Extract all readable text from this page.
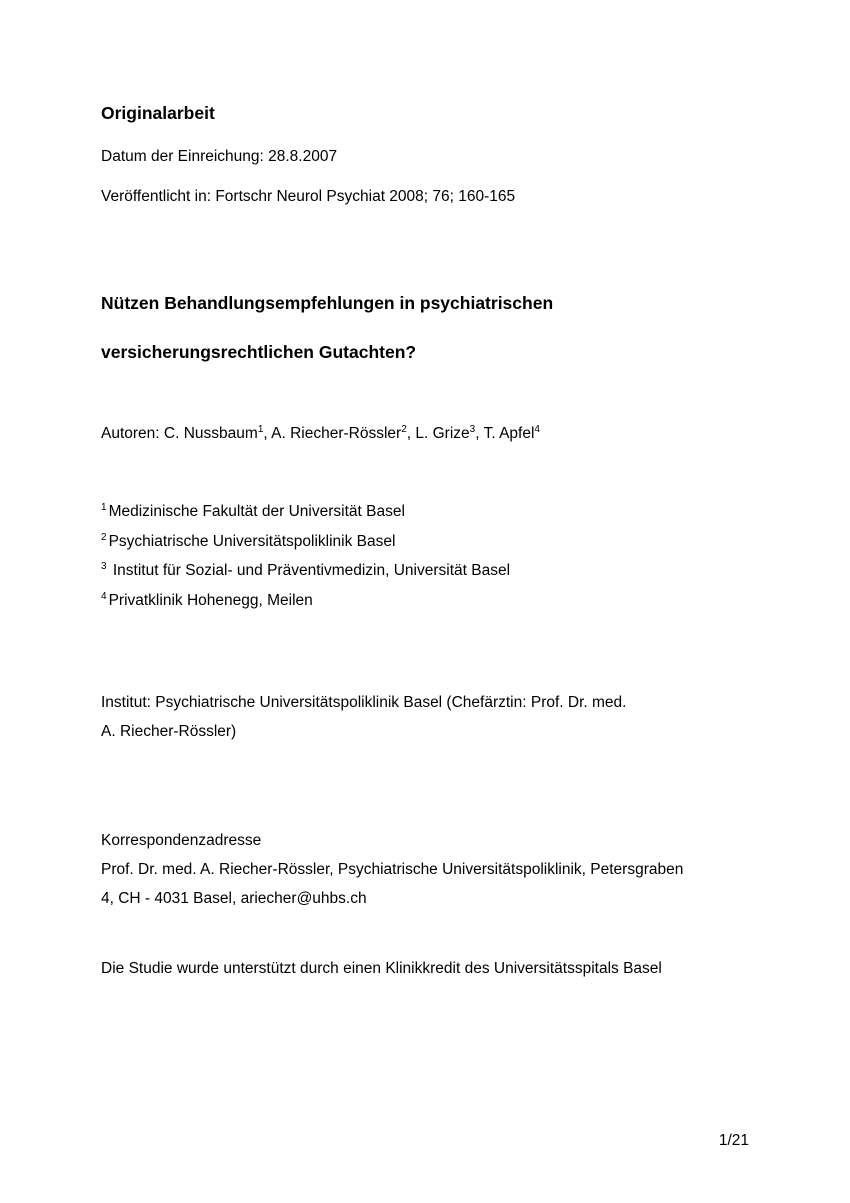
Originalarbeit
Datum der Einreichung: 28.8.2007
Veröffentlicht in: Fortschr Neurol Psychiat 2008; 76; 160-165
Nützen Behandlungsempfehlungen in psychiatrischen
versicherungsrechtlichen Gutachten?
Autoren: C. Nussbaum$^1$, A. Riecher-Rössler$^2$, L. Grize$^3$, T. Apfel$^4$
$^1$ Medizinische Fakultät der Universität Basel
$^2$ Psychiatrische Universitätspoliklinik Basel
$^3$ Institut für Sozial- und Präventivmedizin, Universität Basel
$^4$ Privatklinik Hohenegg, Meilen
Institut: Psychiatrische Universitätspoliklinik Basel (Chefärztin: Prof. Dr. med.
A. Riecher-Rössler)
Korrespondenzadresse
Prof. Dr. med. A. Riecher-Rössler, Psychiatrische Universitätspoliklinik, Petersgraben
4, CH - 4031 Basel, ariecher@uhbs.ch
Die Studie wurde unterstützt durch einen Klinikkredit des Universitätsspitals Basel
1/21
